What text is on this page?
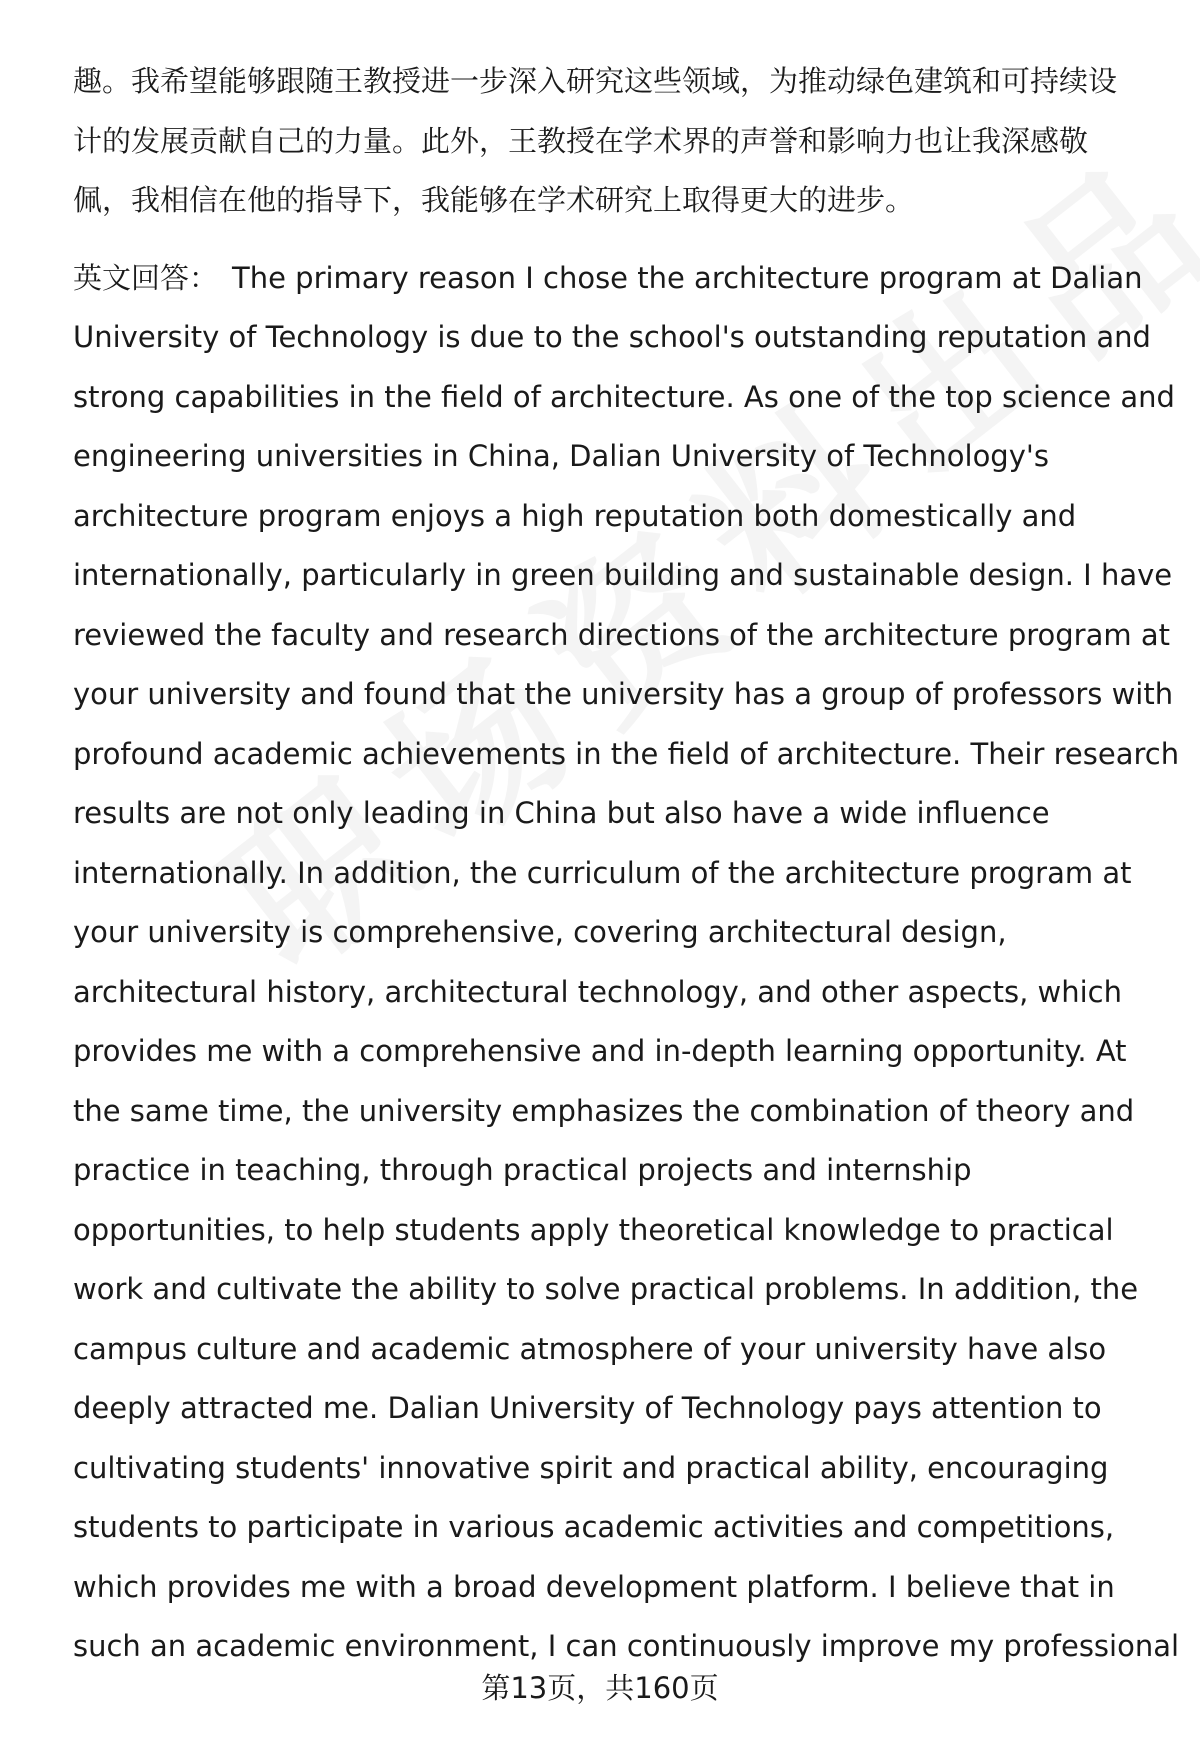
趣。我希望能够跟随王教授进一步深入研究这些领域，为推动绿色建筑和可持续设
计的发展贡献自己的力量。此外，王教授在学术界的声誉和影响力也让我深感敬
佩，我相信在他的指导下，我能够在学术研究上取得更大的进步。

英文回答： The primary reason I chose the architecture program at Dalian
University of Technology is due to the school's outstanding reputation and
strong capabilities in the field of architecture. As one of the top science and
engineering universities in China, Dalian University of Technology's
architecture program enjoys a high reputation both domestically and
internationally, particularly in green building and sustainable design. I have
reviewed the faculty and research directions of the architecture program at
your university and found that the university has a group of professors with
profound academic achievements in the field of architecture. Their research
results are not only leading in China but also have a wide influence
internationally. In addition, the curriculum of the architecture program at
your university is comprehensive, covering architectural design,
architectural history, architectural technology, and other aspects, which
provides me with a comprehensive and in-depth learning opportunity. At
the same time, the university emphasizes the combination of theory and
practice in teaching, through practical projects and internship
opportunities, to help students apply theoretical knowledge to practical
work and cultivate the ability to solve practical problems. In addition, the
campus culture and academic atmosphere of your university have also
deeply attracted me. Dalian University of Technology pays attention to
cultivating students' innovative spirit and practical ability, encouraging
students to participate in various academic activities and competitions,
which provides me with a broad development platform. I believe that in
such an academic environment, I can continuously improve my professional

第13页，共160页
